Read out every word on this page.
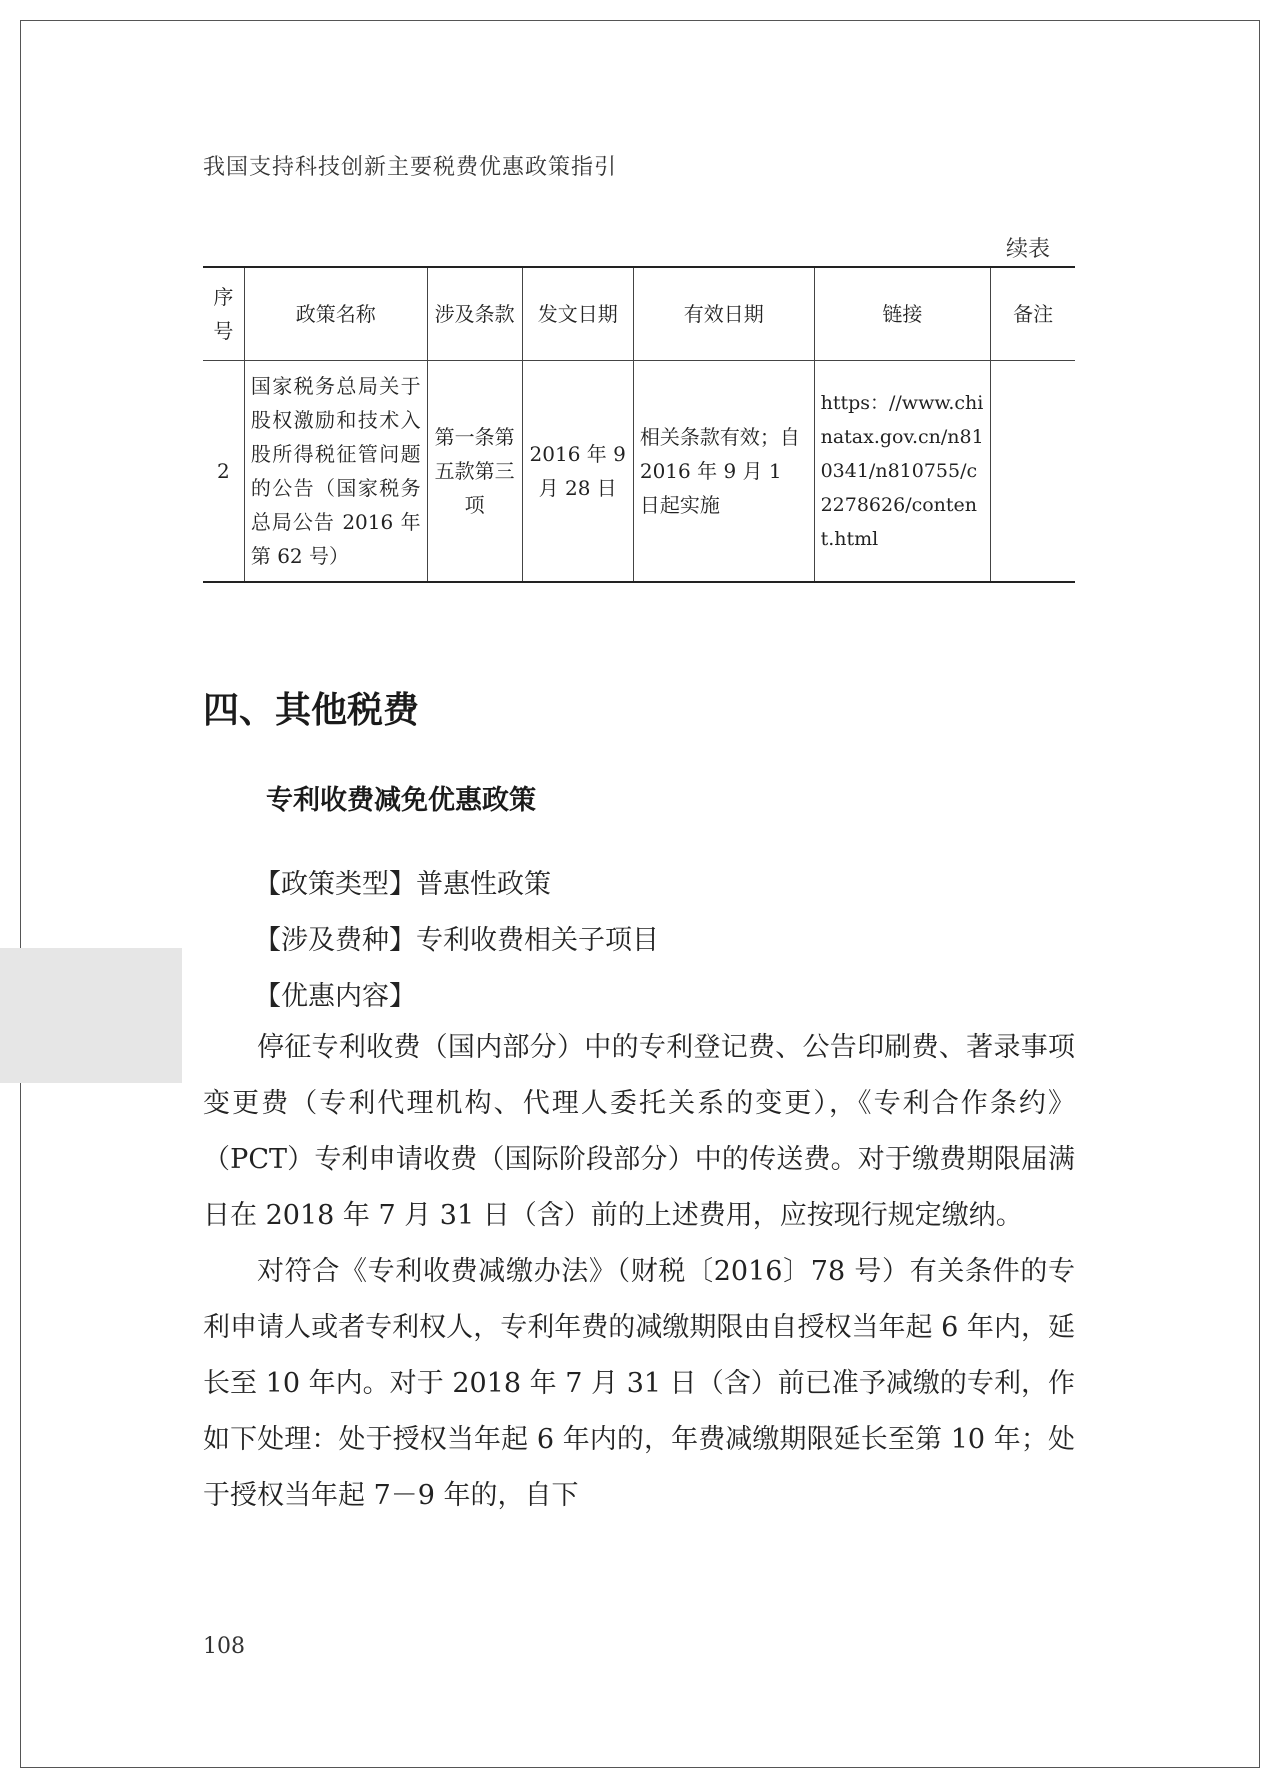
我国支持科技创新主要税费优惠政策指引
续表
序号	政策名称	涉及条款	发文日期	有效日期	链接	备注
2	国家税务总局关于股权激励和技术入股所得税征管问题的公告（国家税务总局公告 2016 年第 62 号）	第一条第五款第三项	2016 年 9 月 28 日	相关条款有效；自 2016 年 9 月 1 日起实施	https：//www.chinatax.gov.cn/n810341/n810755/c2278626/content.html	
四、其他税费
专利收费减免优惠政策
【政策类型】普惠性政策
【涉及费种】专利收费相关子项目
【优惠内容】

停征专利收费（国内部分）中的专利登记费、公告印刷费、著录事项变更费（专利代理机构、代理人委托关系的变更），《专利合作条约》（PCT）专利申请收费（国际阶段部分）中的传送费。对于缴费期限届满日在 2018 年 7 月 31 日（含）前的上述费用，应按现行规定缴纳。

对符合《专利收费减缴办法》（财税〔2016〕78 号）有关条件的专利申请人或者专利权人，专利年费的减缴期限由自授权当年起 6 年内，延长至 10 年内。对于 2018 年 7 月 31 日（含）前已准予减缴的专利，作如下处理：处于授权当年起 6 年内的，年费减缴期限延长至第 10 年；处于授权当年起 7－9 年的，自下

108
